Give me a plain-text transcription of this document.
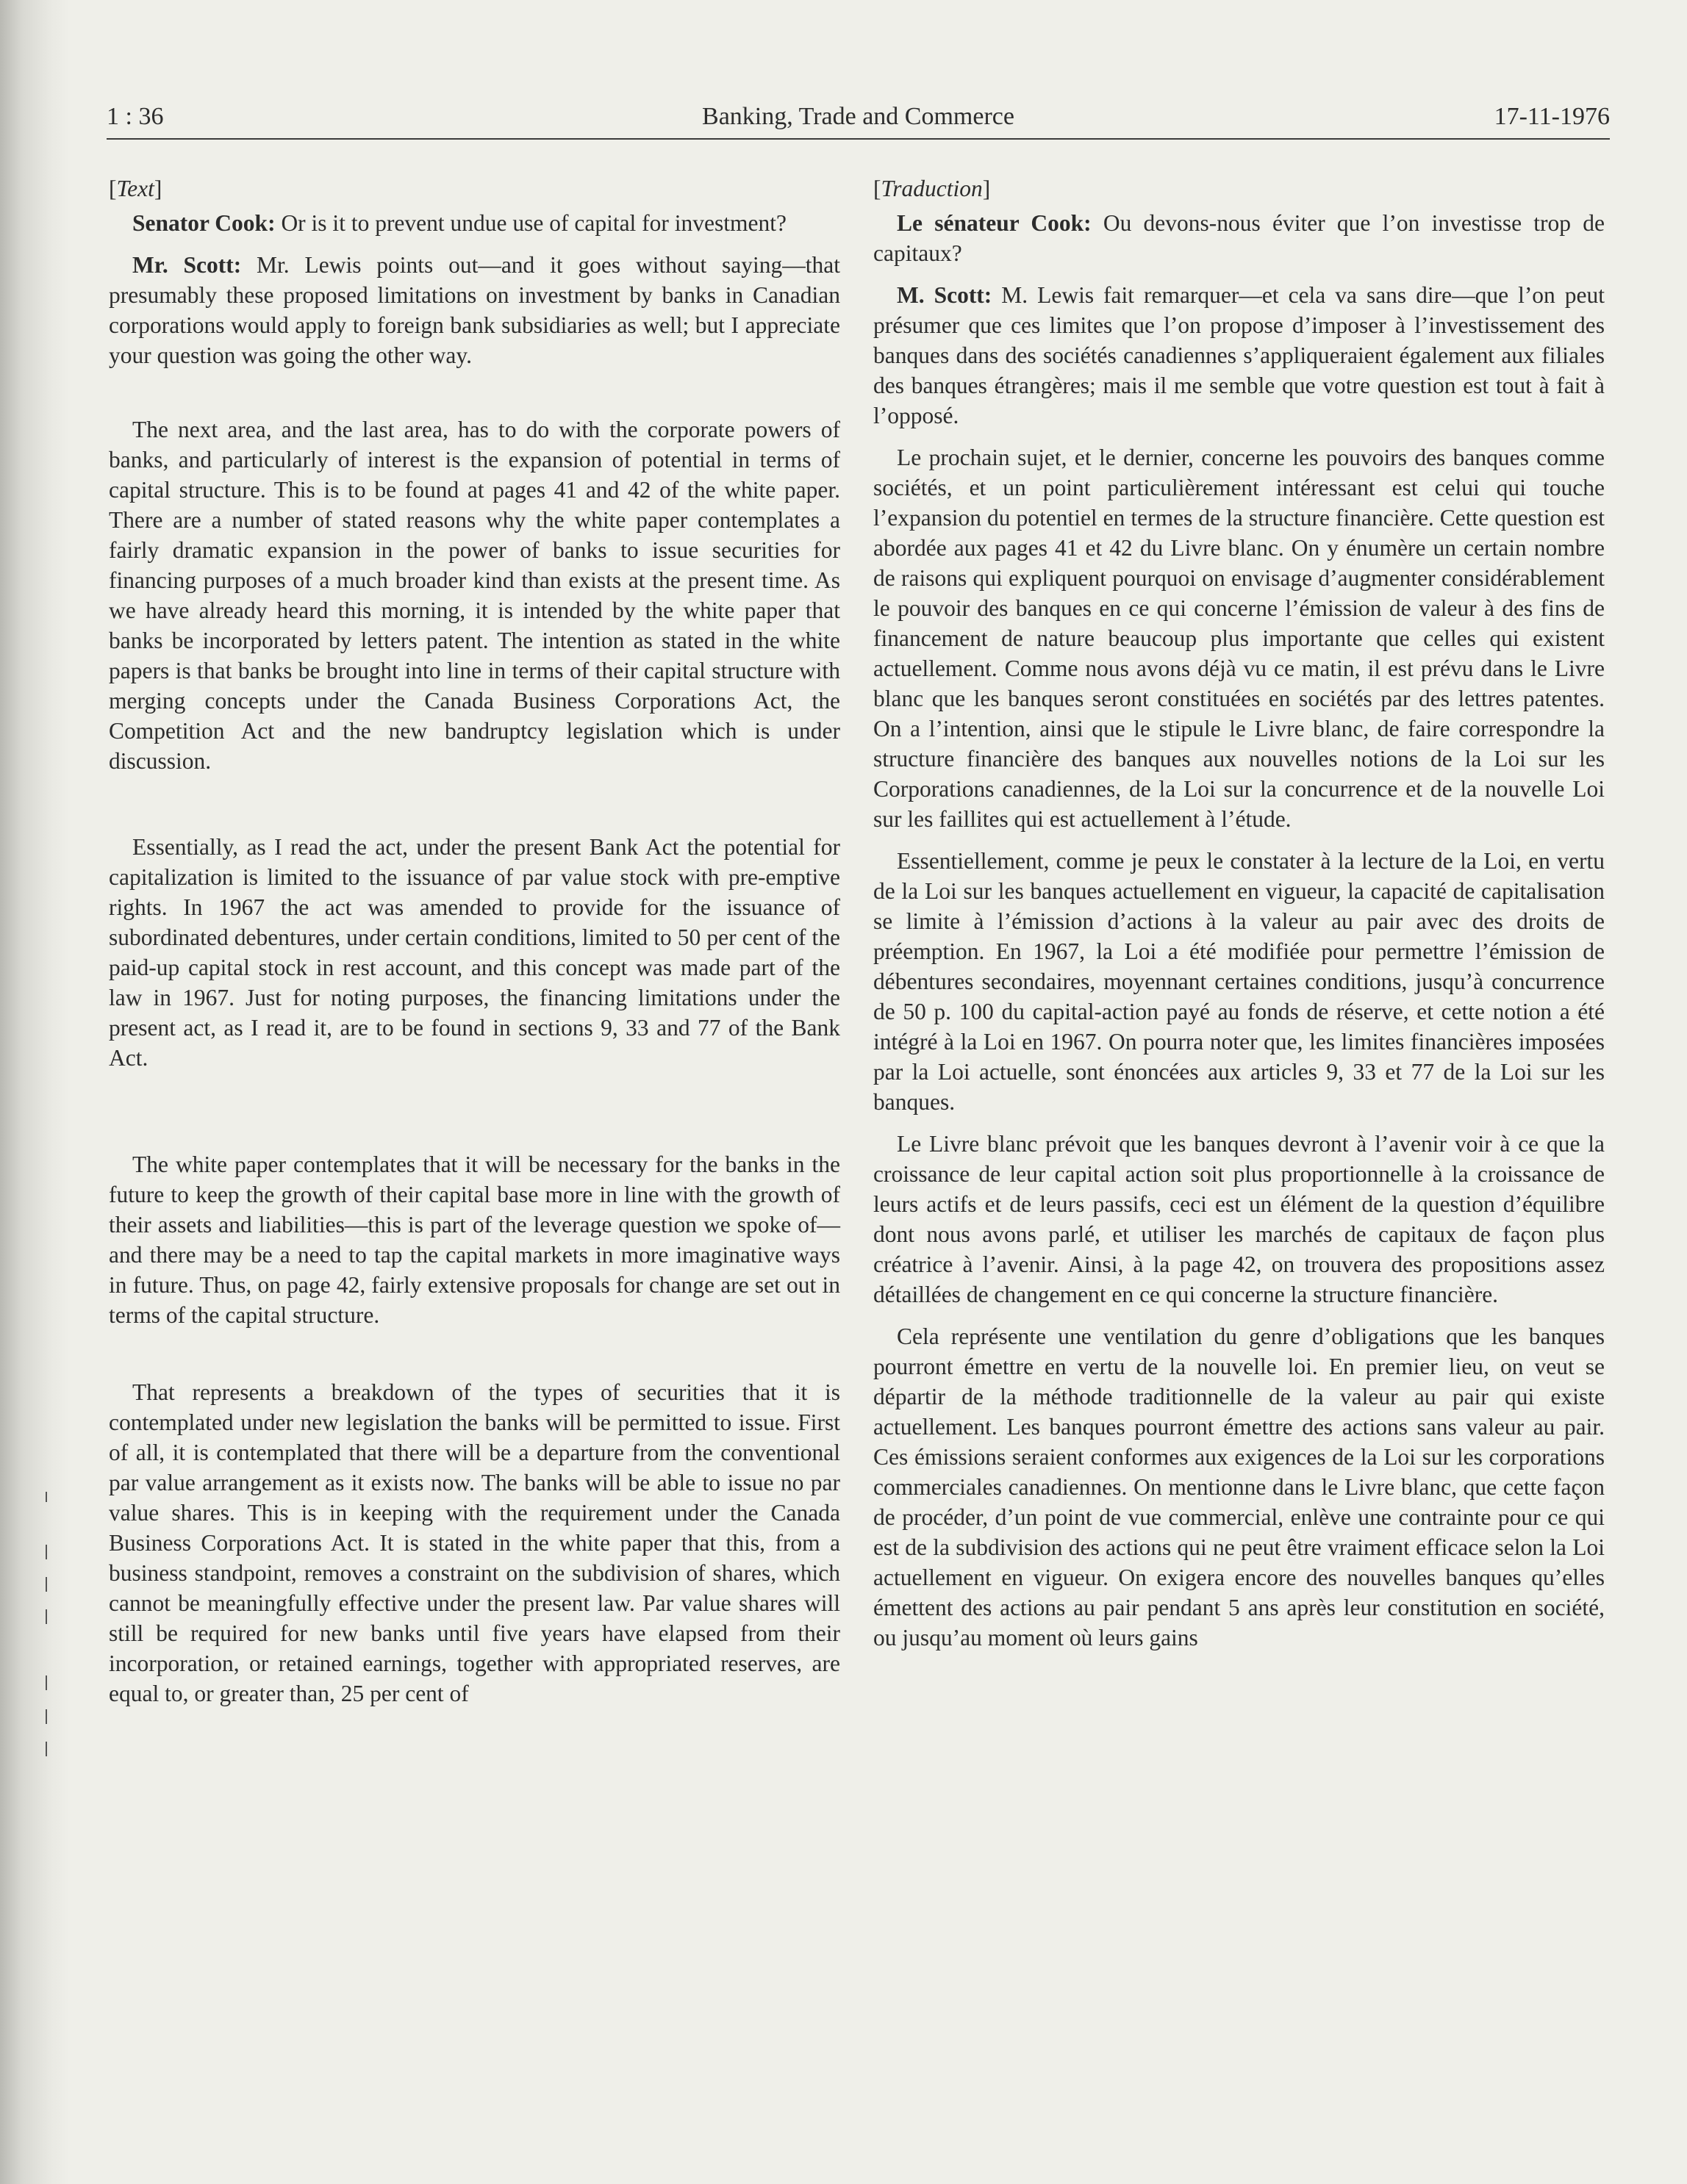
1 : 36	Banking, Trade and Commerce	17-11-1976

[Text]

Senator Cook: Or is it to prevent undue use of capital for investment?

Mr. Scott: Mr. Lewis points out—and it goes without saying—that presumably these proposed limitations on investment by banks in Canadian corporations would apply to foreign bank subsidiaries as well; but I appreciate your question was going the other way.

The next area, and the last area, has to do with the corporate powers of banks, and particularly of interest is the expansion of potential in terms of capital structure. This is to be found at pages 41 and 42 of the white paper. There are a number of stated reasons why the white paper contemplates a fairly dramatic expansion in the power of banks to issue securities for financing purposes of a much broader kind than exists at the present time. As we have already heard this morning, it is intended by the white paper that banks be incorporated by letters patent. The intention as stated in the white papers is that banks be brought into line in terms of their capital structure with merging concepts under the Canada Business Corporations Act, the Competition Act and the new bandruptcy legislation which is under discussion.

Essentially, as I read the act, under the present Bank Act the potential for capitalization is limited to the issuance of par value stock with pre-emptive rights. In 1967 the act was amended to provide for the issuance of subordinated debentures, under certain conditions, limited to 50 per cent of the paid-up capital stock in rest account, and this concept was made part of the law in 1967. Just for noting purposes, the financing limitations under the present act, as I read it, are to be found in sections 9, 33 and 77 of the Bank Act.

The white paper contemplates that it will be necessary for the banks in the future to keep the growth of their capital base more in line with the growth of their assets and liabilities—this is part of the leverage question we spoke of—and there may be a need to tap the capital markets in more imaginative ways in future. Thus, on page 42, fairly extensive proposals for change are set out in terms of the capital structure.

That represents a breakdown of the types of securities that it is contemplated under new legislation the banks will be permitted to issue. First of all, it is contemplated that there will be a departure from the conventional par value arrangement as it exists now. The banks will be able to issue no par value shares. This is in keeping with the requirement under the Canada Business Corporations Act. It is stated in the white paper that this, from a business standpoint, removes a constraint on the subdivision of shares, which cannot be meaningfully effective under the present law. Par value shares will still be required for new banks until five years have elapsed from their incorporation, or retained earnings, together with appropriated reserves, are equal to, or greater than, 25 per cent of

[Traduction]

Le sénateur Cook: Ou devons-nous éviter que l’on investisse trop de capitaux?

M. Scott: M. Lewis fait remarquer—et cela va sans dire—que l’on peut présumer que ces limites que l’on propose d’imposer à l’investissement des banques dans des sociétés canadiennes s’appliqueraient également aux filiales des banques étrangères; mais il me semble que votre question est tout à fait à l’opposé.

Le prochain sujet, et le dernier, concerne les pouvoirs des banques comme sociétés, et un point particulièrement intéressant est celui qui touche l’expansion du potentiel en termes de la structure financière. Cette question est abordée aux pages 41 et 42 du Livre blanc. On y énumère un certain nombre de raisons qui expliquent pourquoi on envisage d’augmenter considérablement le pouvoir des banques en ce qui concerne l’émission de valeur à des fins de financement de nature beaucoup plus importante que celles qui existent actuellement. Comme nous avons déjà vu ce matin, il est prévu dans le Livre blanc que les banques seront constituées en sociétés par des lettres patentes. On a l’intention, ainsi que le stipule le Livre blanc, de faire correspondre la structure financière des banques aux nouvelles notions de la Loi sur les Corporations canadiennes, de la Loi sur la concurrence et de la nouvelle Loi sur les faillites qui est actuellement à l’étude.

Essentiellement, comme je peux le constater à la lecture de la Loi, en vertu de la Loi sur les banques actuellement en vigueur, la capacité de capitalisation se limite à l’émission d’actions à la valeur au pair avec des droits de préemption. En 1967, la Loi a été modifiée pour permettre l’émission de débentures secondaires, moyennant certaines conditions, jusqu’à concurrence de 50 p. 100 du capital-action payé au fonds de réserve, et cette notion a été intégré à la Loi en 1967. On pourra noter que, les limites financières imposées par la Loi actuelle, sont énoncées aux articles 9, 33 et 77 de la Loi sur les banques.

Le Livre blanc prévoit que les banques devront à l’avenir voir à ce que la croissance de leur capital action soit plus proportionnelle à la croissance de leurs actifs et de leurs passifs, ceci est un élément de la question d’équilibre dont nous avons parlé, et utiliser les marchés de capitaux de façon plus créatrice à l’avenir. Ainsi, à la page 42, on trouvera des propositions assez détaillées de changement en ce qui concerne la structure financière.

Cela représente une ventilation du genre d’obligations que les banques pourront émettre en vertu de la nouvelle loi. En premier lieu, on veut se départir de la méthode traditionnelle de la valeur au pair qui existe actuellement. Les banques pourront émettre des actions sans valeur au pair. Ces émissions seraient conformes aux exigences de la Loi sur les corporations commerciales canadiennes. On mentionne dans le Livre blanc, que cette façon de procéder, d’un point de vue commercial, enlève une contrainte pour ce qui est de la subdivision des actions qui ne peut être vraiment efficace selon la Loi actuellement en vigueur. On exigera encore des nouvelles banques qu’elles émettent des actions au pair pendant 5 ans après leur constitution en société, ou jusqu’au moment où leurs gains
